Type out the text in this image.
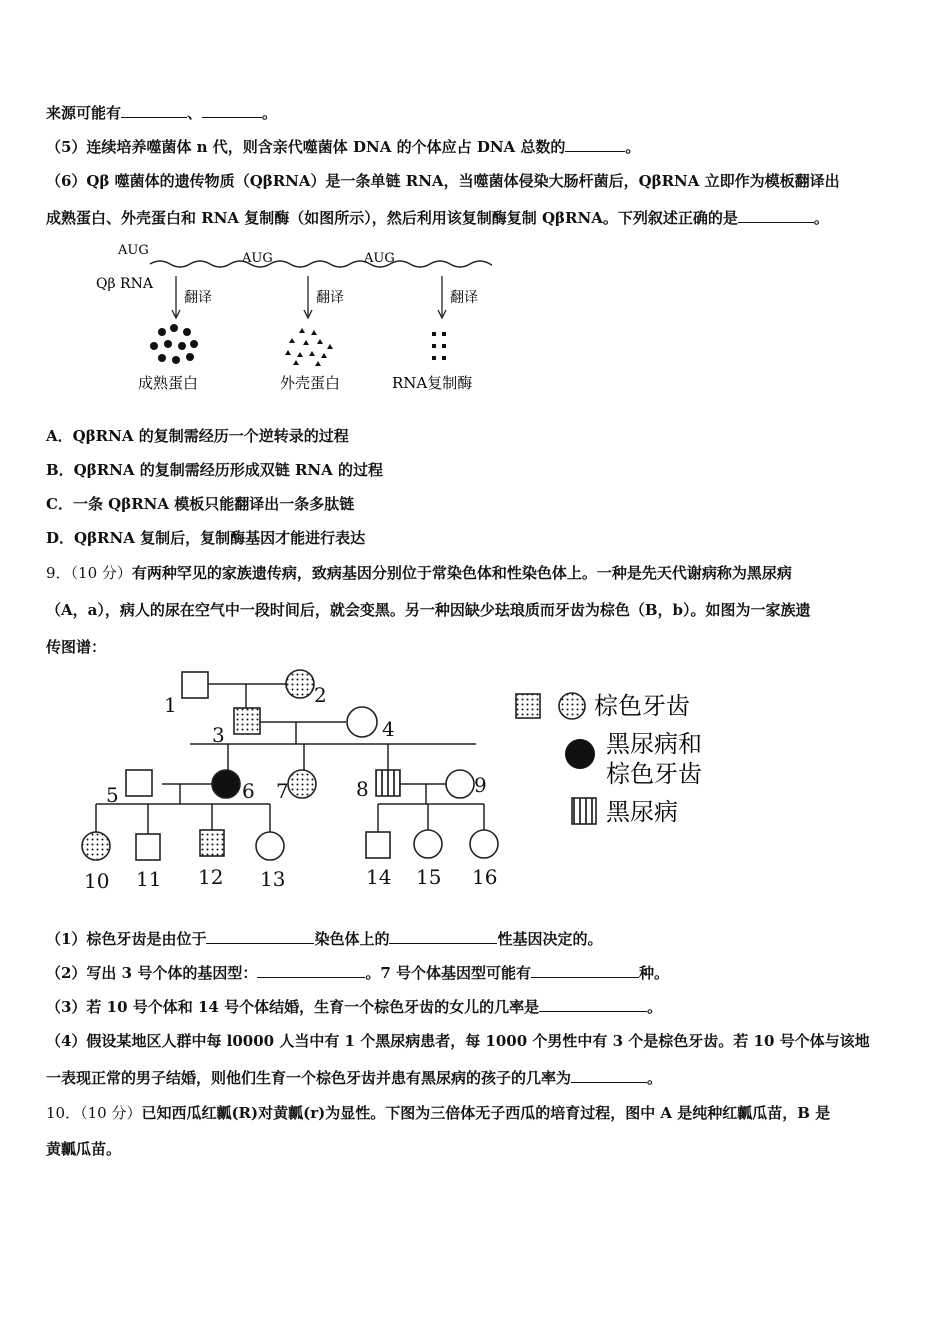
来源可能有	、	。
（5）连续培养噬菌体 n 代，则含亲代噬菌体 DNA 的个体应占 DNA 总数的	。
（6）Qβ 噬菌体的遗传物质（QβRNA）是一条单链 RNA，当噬菌体侵染大肠杆菌后，QβRNA 立即作为模板翻译出
成熟蛋白、外壳蛋白和 RNA 复制酶（如图所示），然后利用该复制酶复制 QβRNA。下列叙述正确的是	。
Qβ RNA
AUG
AUG	AUG
翻译	翻译	翻译
成熟蛋白	外壳蛋白	RNA复制酶
A．QβRNA 的复制需经历一个逆转录的过程
B．QβRNA 的复制需经历形成双链 RNA 的过程
C．一条 QβRNA 模板只能翻译出一条多肽链
D．QβRNA 复制后，复制酶基因才能进行表达
9．（10 分）有两种罕见的家族遗传病，致病基因分别位于常染色体和性染色体上。一种是先天代谢病称为黑尿病
（A，a），病人的尿在空气中一段时间后，就会变黑。另一种因缺少珐琅质而牙齿为棕色（B，b）。如图为一家族遗
传图谱：
1	2
3	4
5	6 7	8	9
10 11 12 13	14 15 16
棕色牙齿
黑尿病和
棕色牙齿
黑尿病
（1）棕色牙齿是由位于	染色体上的	性基因决定的。
（2）写出 3 号个体的基因型：	。7 号个体基因型可能有	种。
（3）若 10 号个体和 14 号个体结婚，生育一个棕色牙齿的女儿的几率是	。
（4）假设某地区人群中每 l0000 人当中有 1 个黑尿病患者，每 1000 个男性中有 3 个是棕色牙齿。若 10 号个体与该地
一表现正常的男子结婚，则他们生育一个棕色牙齿并患有黑尿病的孩子的几率为	。
10．（10 分）已知西瓜红瓤(R)对黄瓤(r)为显性。下图为三倍体无子西瓜的培育过程，图中 A 是纯种红瓤瓜苗，B 是
黄瓤瓜苗。
